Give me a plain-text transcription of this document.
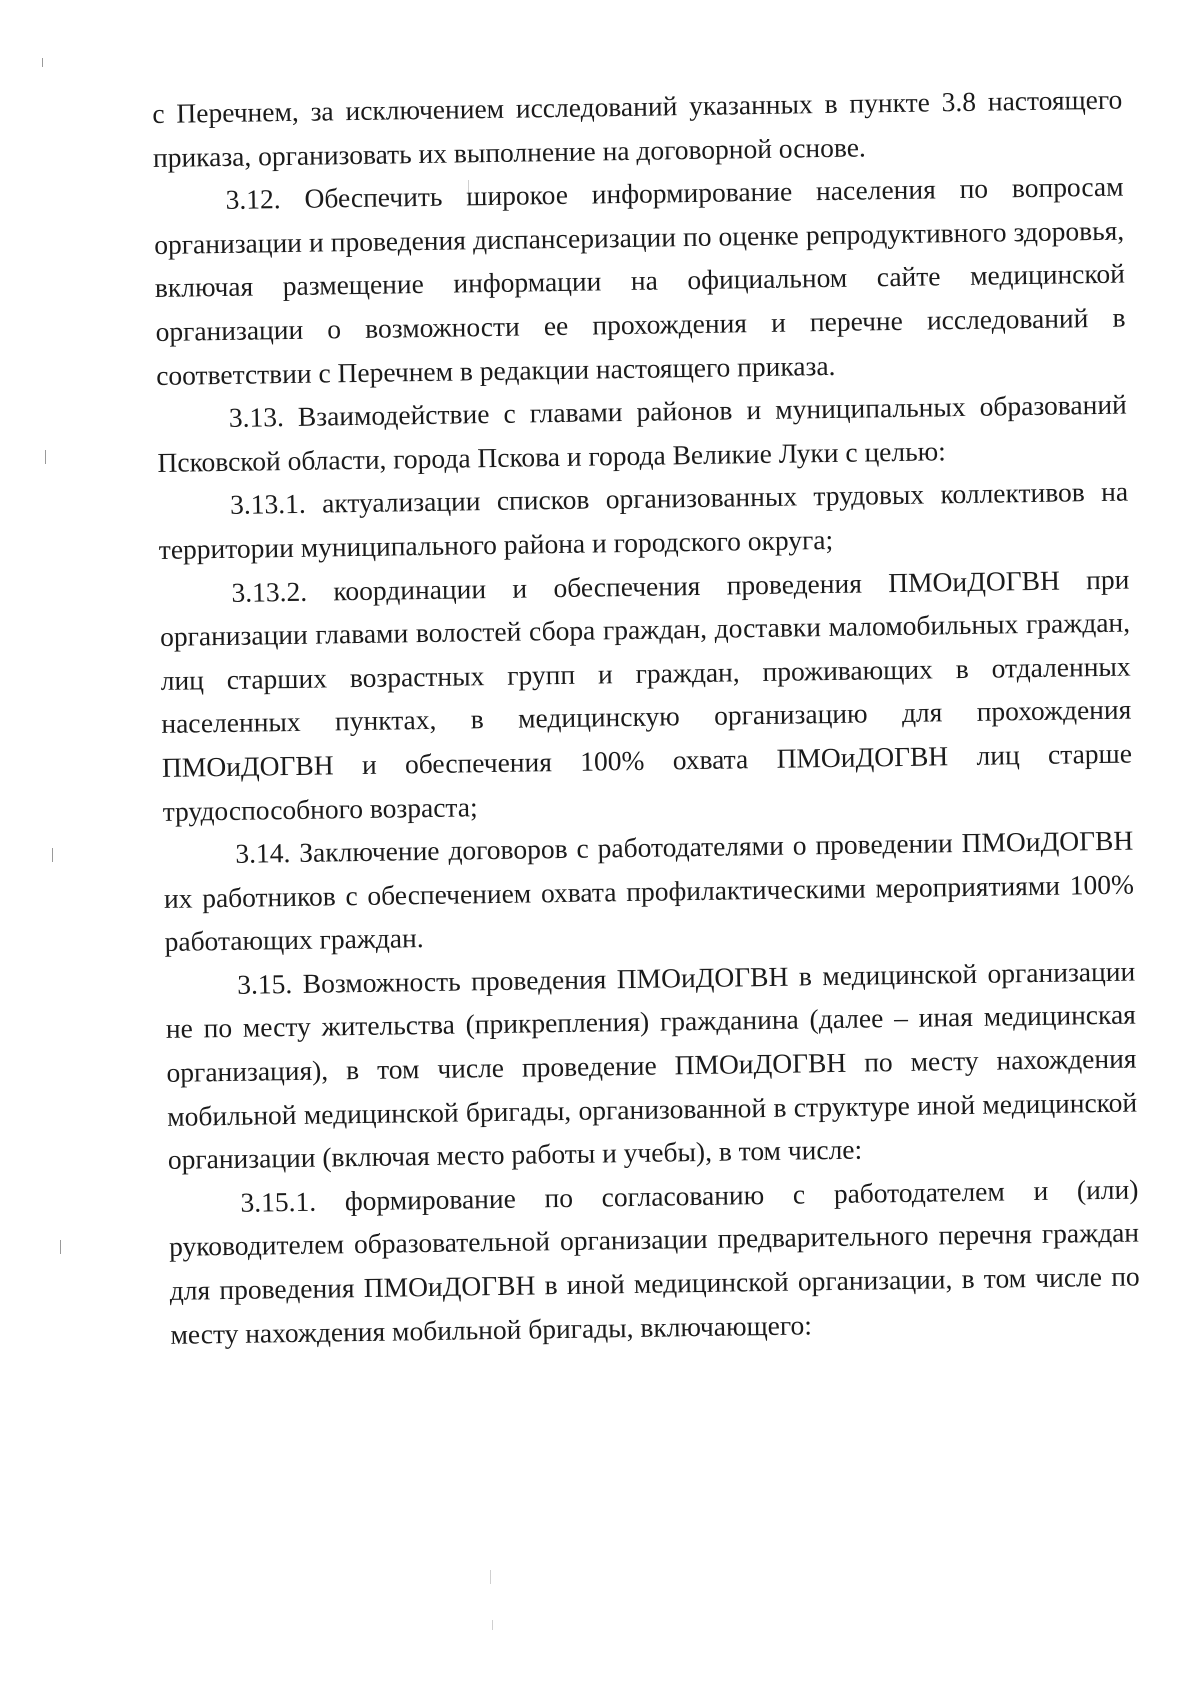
с Перечнем, за исключением исследований указанных в пункте 3.8 настоящего приказа, организовать их выполнение на договорной основе.

3.12. Обеспечить широкое информирование населения по вопросам организации и проведения диспансеризации по оценке репродуктивного здоровья, включая размещение информации на официальном сайте медицинской организации о возможности ее прохождения и перечне исследований в соответствии с Перечнем в редакции настоящего приказа.

3.13. Взаимодействие с главами районов и муниципальных образований Псковской области, города Пскова и города Великие Луки с целью:

3.13.1. актуализации списков организованных трудовых коллективов на территории муниципального района и городского округа;

3.13.2. координации и обеспечения проведения ПМОиДОГВН при организации главами волостей сбора граждан, доставки маломобильных граждан, лиц старших возрастных групп и граждан, проживающих в отдаленных населенных пунктах, в медицинскую организацию для прохождения ПМОиДОГВН и обеспечения 100% охвата ПМОиДОГВН лиц старше трудоспособного возраста;

3.14. Заключение договоров с работодателями о проведении ПМОиДОГВН их работников с обеспечением охвата профилактическими мероприятиями 100% работающих граждан.

3.15. Возможность проведения ПМОиДОГВН в медицинской организации не по месту жительства (прикрепления) гражданина (далее – иная медицинская организация), в том числе проведение ПМОиДОГВН по месту нахождения мобильной медицинской бригады, организованной в структуре иной медицинской организации (включая место работы и учебы), в том числе:

3.15.1. формирование по согласованию с работодателем и (или) руководителем образовательной организации предварительного перечня граждан для проведения ПМОиДОГВН в иной медицинской организации, в том числе по месту нахождения мобильной бригады, включающего:
